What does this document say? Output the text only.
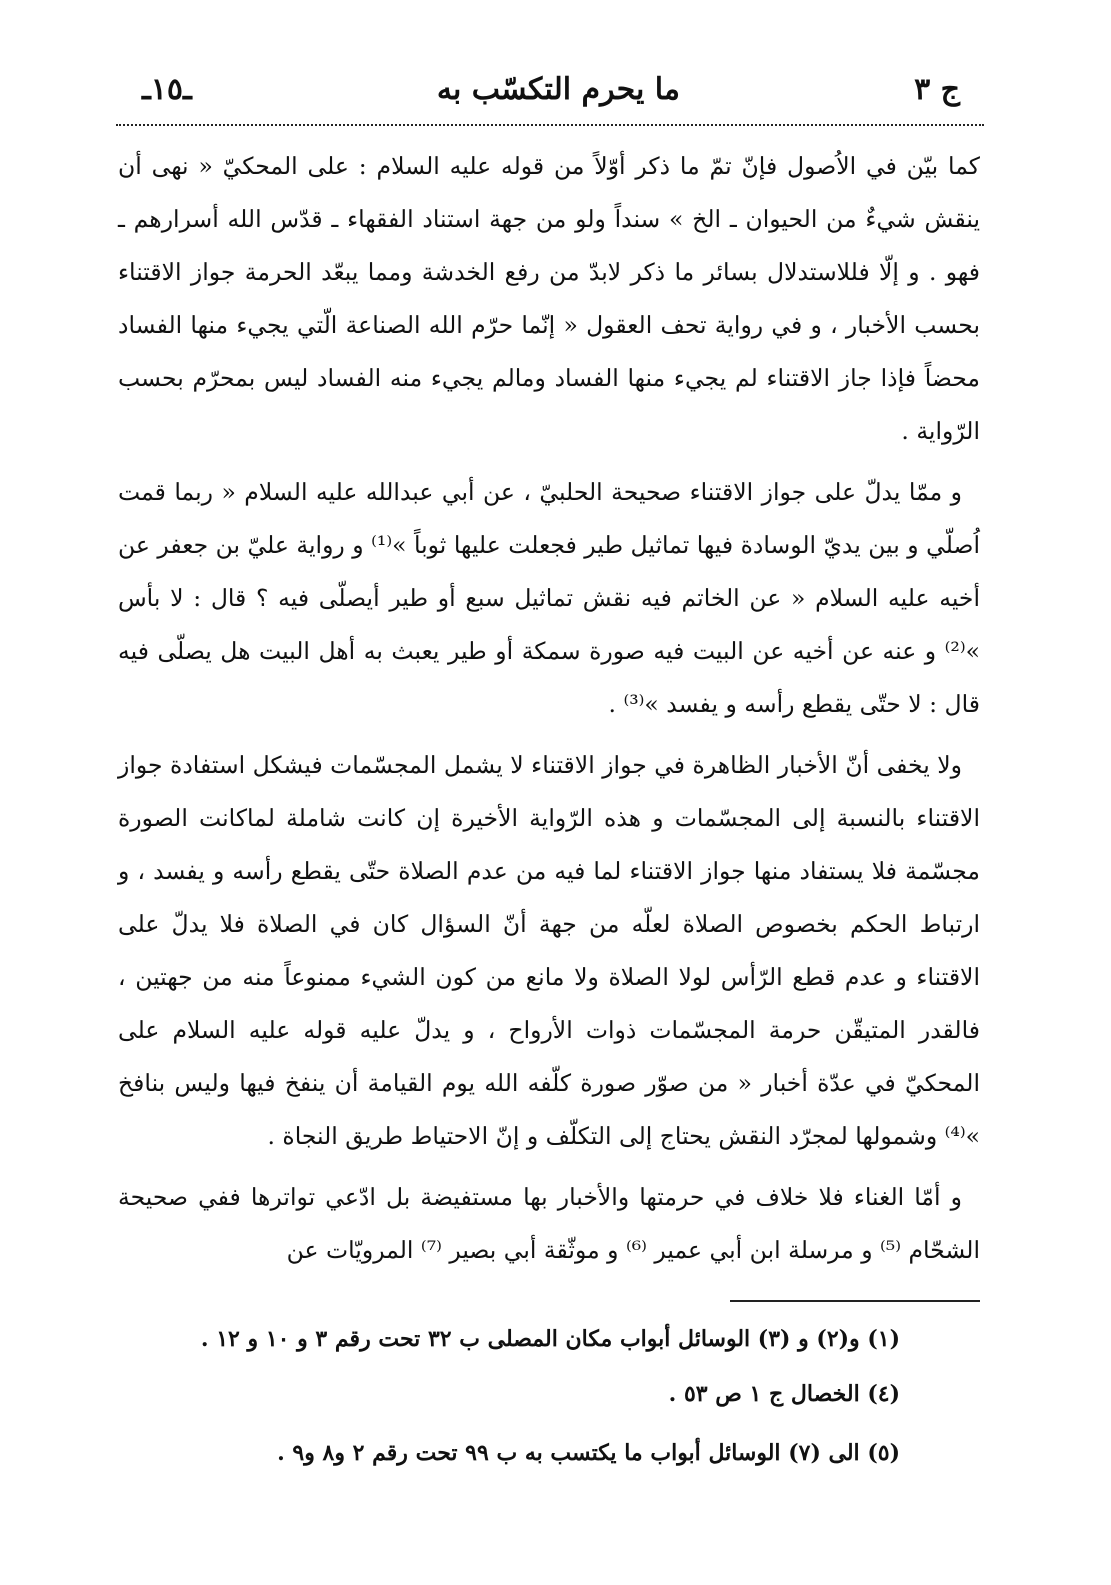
ج ٣
ما يحرم التكسّب به
ـ١٥ـ

كما بيّن في الاُصول فإنّ تمّ ما ذكر أوّلاً من قوله عليه السلام : على المحكيّ « نهى أن ينقش شيءٌ من الحيوان ـ الخ » سنداً ولو من جهة استناد الفقهاء ـ قدّس الله أسرارهم ـ فهو . و إلّا فللاستدلال بسائر ما ذكر لابدّ من رفع الخدشة ومما يبعّد الحرمة جواز الاقتناء بحسب الأخبار ، و في رواية تحف العقول « إنّما حرّم الله الصناعة الّتي يجيء منها الفساد محضاً فإذا جاز الاقتناء لم يجيء منها الفساد ومالم يجيء منه الفساد ليس بمحرّم بحسب الرّواية .

و ممّا يدلّ على جواز الاقتناء صحيحة الحلبيّ ، عن أبي عبدالله عليه السلام « ربما قمت اُصلّي و بين يديّ الوسادة فيها تماثيل طير فجعلت عليها ثوباً »⁽¹⁾ و رواية عليّ بن جعفر عن أخيه عليه السلام « عن الخاتم فيه نقش تماثيل سبع أو طير أيصلّى فيه ؟ قال : لا بأس »⁽²⁾ و عنه عن أخيه عن البيت فيه صورة سمكة أو طير يعبث به أهل البيت هل يصلّى فيه قال : لا حتّى يقطع رأسه و يفسد »⁽³⁾ .

ولا يخفى أنّ الأخبار الظاهرة في جواز الاقتناء لا يشمل المجسّمات فيشكل استفادة جواز الاقتناء بالنسبة إلى المجسّمات و هذه الرّواية الأخيرة إن كانت شاملة لماكانت الصورة مجسّمة فلا يستفاد منها جواز الاقتناء لما فيه من عدم الصلاة حتّى يقطع رأسه و يفسد ، و ارتباط الحكم بخصوص الصلاة لعلّه من جهة أنّ السؤال كان في الصلاة فلا يدلّ على الاقتناء و عدم قطع الرّأس لولا الصلاة ولا مانع من كون الشيء ممنوعاً منه من جهتين ، فالقدر المتيقّن حرمة المجسّمات ذوات الأرواح ، و يدلّ عليه قوله عليه السلام على المحكيّ في عدّة أخبار « من صوّر صورة كلّفه الله يوم القيامة أن ينفخ فيها وليس بنافخ »⁽⁴⁾ وشمولها لمجرّد النقش يحتاج إلى التكلّف و إنّ الاحتياط طريق النجاة .

و أمّا الغناء فلا خلاف في حرمتها والأخبار بها مستفيضة بل ادّعي تواترها ففي صحيحة الشحّام ⁽⁵⁾ و مرسلة ابن أبي عمير ⁽⁶⁾ و موثّقة أبي بصير ⁽⁷⁾ المرويّات عن

(١) و(٢) و (٣) الوسائل أبواب مكان المصلى ب ٣٢ تحت رقم ٣ و ١٠ و ١٢ .
(٤) الخصال ج ١ ص ٥٣ .
(٥) الى (٧) الوسائل أبواب ما يكتسب به ب ٩٩ تحت رقم ٢ و٨ و٩ .
